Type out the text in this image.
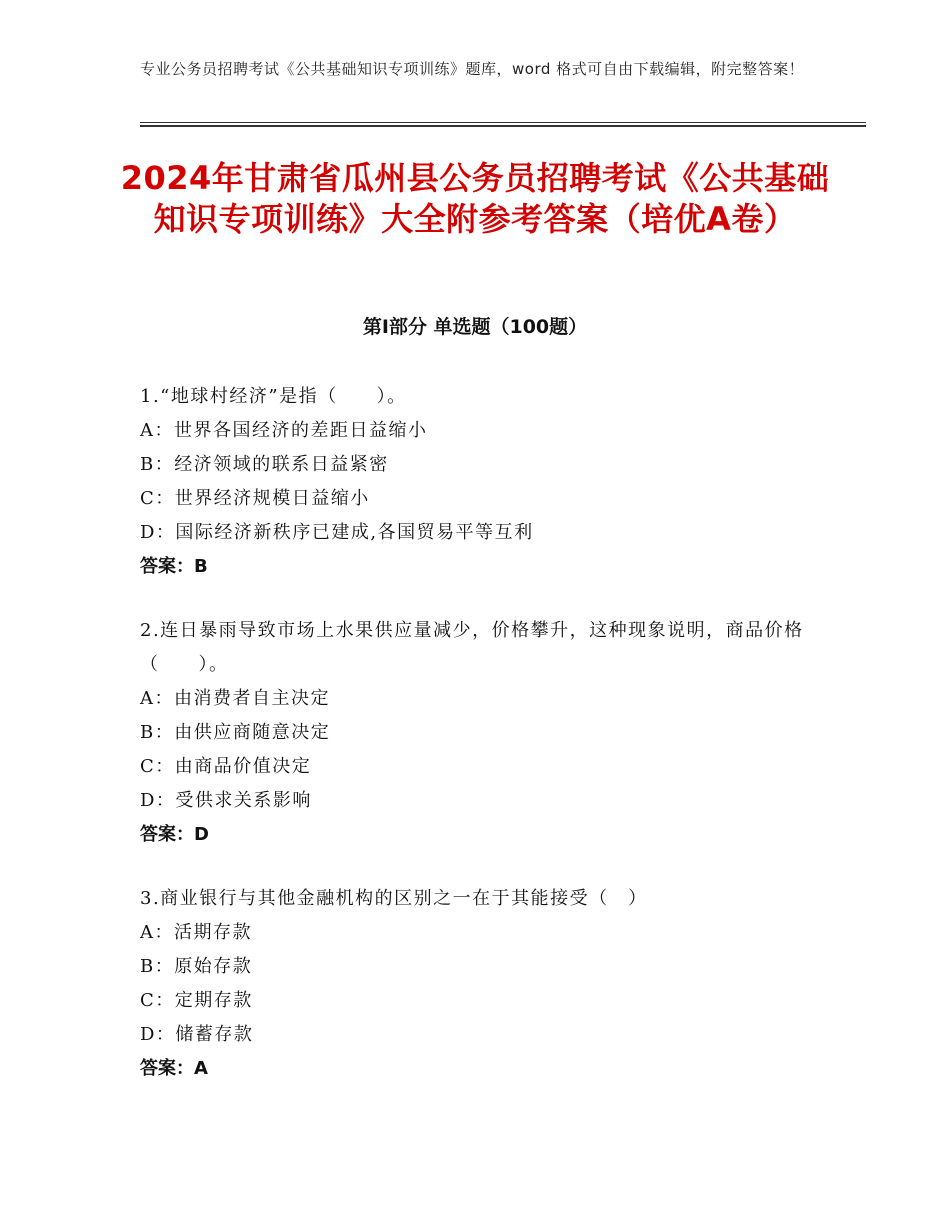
专业公务员招聘考试《公共基础知识专项训练》题库，word 格式可自由下载编辑，附完整答案！
2024年甘肃省瓜州县公务员招聘考试《公共基础知识专项训练》大全附参考答案（培优A卷）
第I部分 单选题（100题）
1.“地球村经济”是指（　　）。
A：世界各国经济的差距日益缩小
B：经济领域的联系日益紧密
C：世界经济规模日益缩小
D：国际经济新秩序已建成,各国贸易平等互利
答案：B
2.连日暴雨导致市场上水果供应量减少，价格攀升，这种现象说明，商品价格（　　）。
A：由消费者自主决定
B：由供应商随意决定
C：由商品价值决定
D：受供求关系影响
答案：D
3.商业银行与其他金融机构的区别之一在于其能接受（　）
A：活期存款
B：原始存款
C：定期存款
D：储蓄存款
答案：A
